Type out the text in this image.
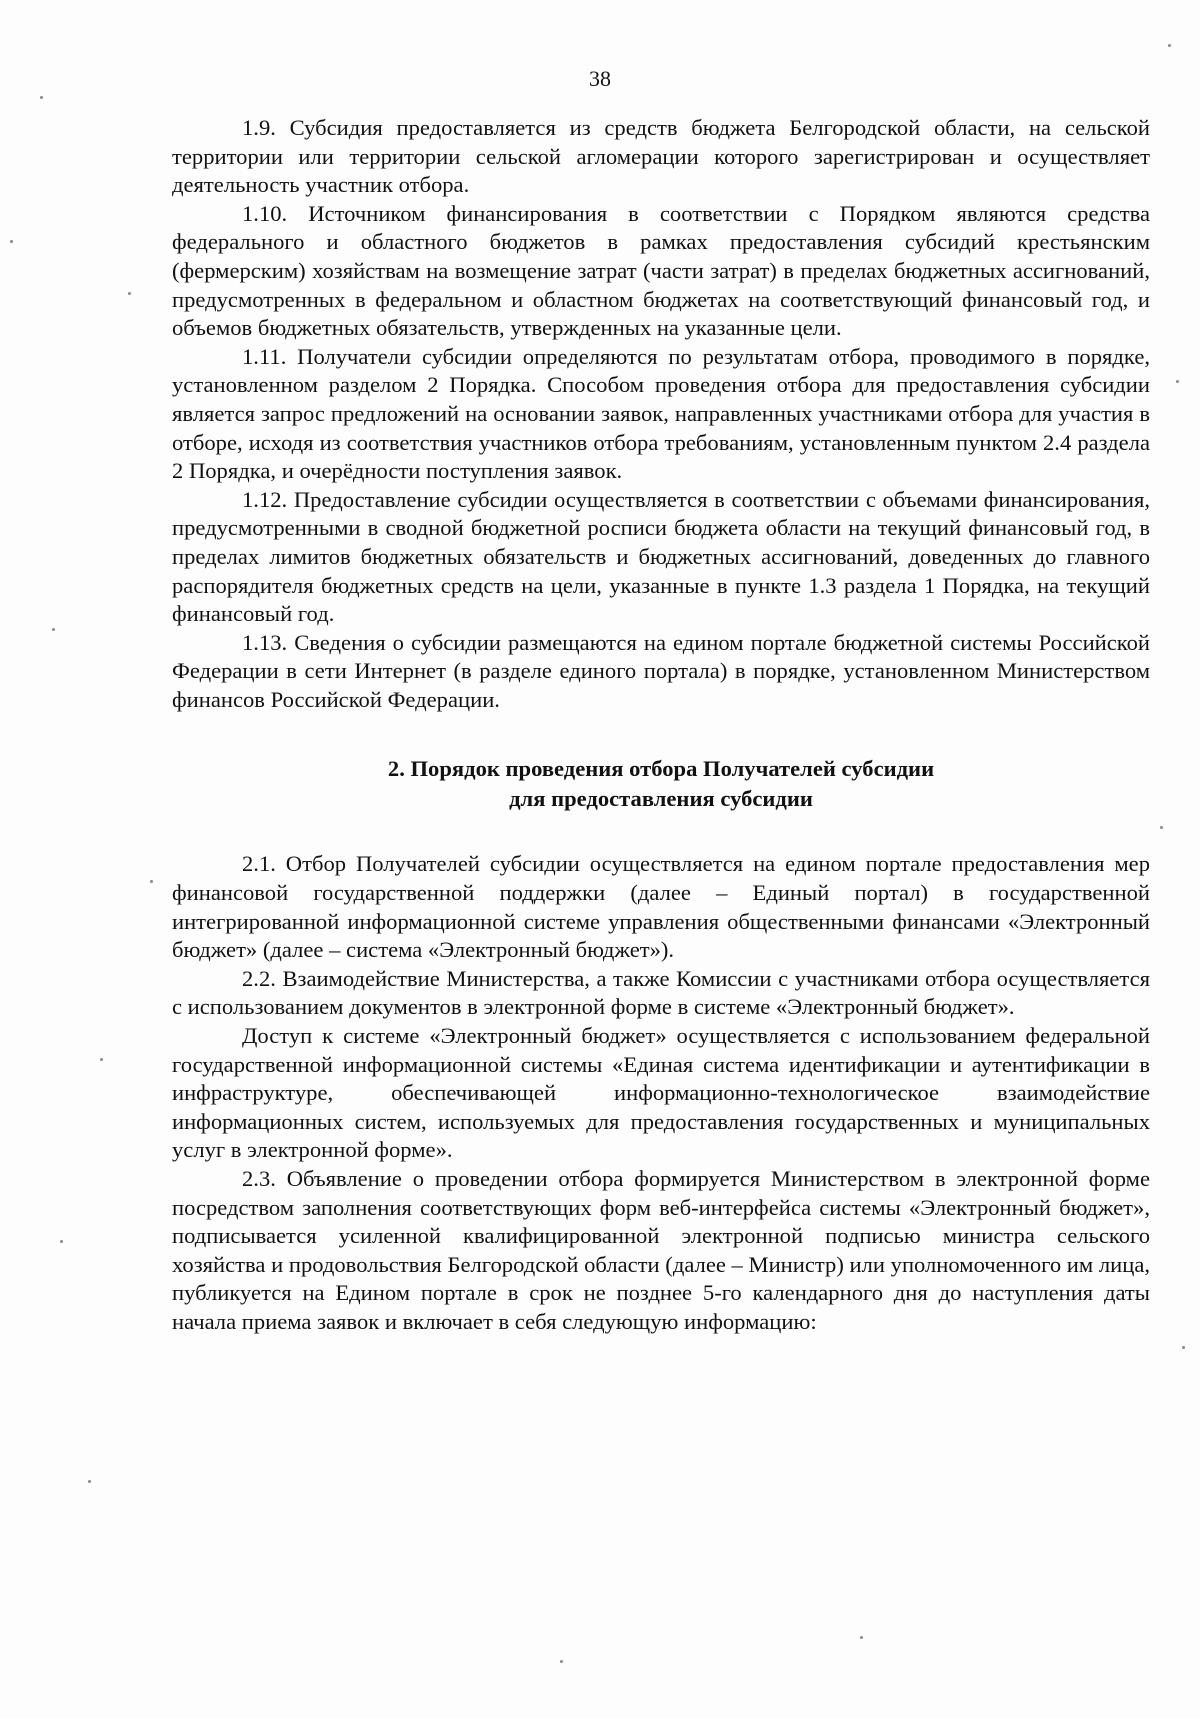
38

1.9. Субсидия предоставляется из средств бюджета Белгородской области, на сельской территории или территории сельской агломерации которого зарегистрирован и осуществляет деятельность участник отбора.

1.10. Источником финансирования в соответствии с Порядком являются средства федерального и областного бюджетов в рамках предоставления субсидий крестьянским (фермерским) хозяйствам на возмещение затрат (части затрат) в пределах бюджетных ассигнований, предусмотренных в федеральном и областном бюджетах на соответствующий финансовый год, и объемов бюджетных обязательств, утвержденных на указанные цели.

1.11. Получатели субсидии определяются по результатам отбора, проводимого в порядке, установленном разделом 2 Порядка. Способом проведения отбора для предоставления субсидии является запрос предложений на основании заявок, направленных участниками отбора для участия в отборе, исходя из соответствия участников отбора требованиям, установленным пунктом 2.4 раздела 2 Порядка, и очерёдности поступления заявок.

1.12. Предоставление субсидии осуществляется в соответствии с объемами финансирования, предусмотренными в сводной бюджетной росписи бюджета области на текущий финансовый год, в пределах лимитов бюджетных обязательств и бюджетных ассигнований, доведенных до главного распорядителя бюджетных средств на цели, указанные в пункте 1.3 раздела 1 Порядка, на текущий финансовый год.

1.13. Сведения о субсидии размещаются на едином портале бюджетной системы Российской Федерации в сети Интернет (в разделе единого портала) в порядке, установленном Министерством финансов Российской Федерации.

2. Порядок проведения отбора Получателей субсидии
для предоставления субсидии

2.1. Отбор Получателей субсидии осуществляется на едином портале предоставления мер финансовой государственной поддержки (далее – Единый портал) в государственной интегрированной информационной системе управления общественными финансами «Электронный бюджет» (далее – система «Электронный бюджет»).

2.2. Взаимодействие Министерства, а также Комиссии с участниками отбора осуществляется с использованием документов в электронной форме в системе «Электронный бюджет».

Доступ к системе «Электронный бюджет» осуществляется с использованием федеральной государственной информационной системы «Единая система идентификации и аутентификации в инфраструктуре, обеспечивающей информационно-технологическое взаимодействие информационных систем, используемых для предоставления государственных и муниципальных услуг в электронной форме».

2.3. Объявление о проведении отбора формируется Министерством в электронной форме посредством заполнения соответствующих форм веб-интерфейса системы «Электронный бюджет», подписывается усиленной квалифицированной электронной подписью министра сельского хозяйства и продовольствия Белгородской области (далее – Министр) или уполномоченного им лица, публикуется на Едином портале в срок не позднее 5-го календарного дня до наступления даты начала приема заявок и включает в себя следующую информацию:
